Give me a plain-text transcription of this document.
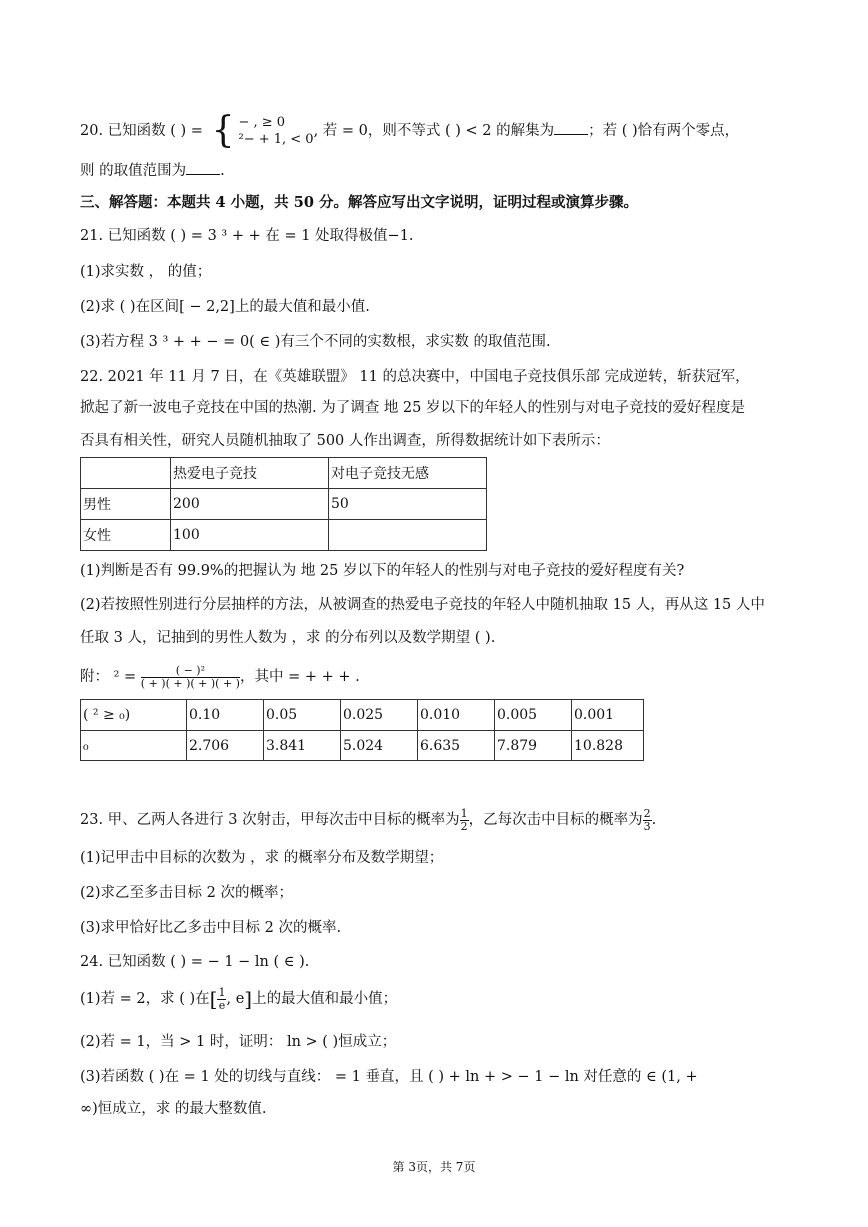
20. 已知函数 ( ) = { − , ≥ 0
²− + 1, < 0
, 若 = 0，则不等式 ( ) < 2 的解集为 ；若 ( )恰有两个零点，
则 的取值范围为 .
三、解答题：本题共 4 小题，共 50 分。解答应写出文字说明，证明过程或演算步骤。
21. 已知函数 ( ) = 3 ³ + + 在 = 1 处取得极值−1.
(1)求实数 ， 的值；
(2)求 ( )在区间[ − 2,2]上的最大值和最小值.
(3)若方程 3 ³ + + − = 0( ∈ )有三个不同的实数根，求实数 的取值范围.
22. 2021 年 11 月 7 日，在《英雄联盟》 11 的总决赛中，中国电子竞技俱乐部 完成逆转，斩获冠军，
掀起了新一波电子竞技在中国的热潮. 为了调查 地 25 岁以下的年轻人的性别与对电子竞技的爱好程度是
否具有相关性，研究人员随机抽取了 500 人作出调查，所得数据统计如下表所示：
	热爱电子竞技	对电子竞技无感
男性	200	50
女性	100	
(1)判断是否有 99.9%的把握认为 地 25 岁以下的年轻人的性别与对电子竞技的爱好程度有关?
(2)若按照性别进行分层抽样的方法，从被调查的热爱电子竞技的年轻人中随机抽取 15 人，再从这 15 人中
任取 3 人，记抽到的男性人数为 ，求 的分布列以及数学期望 ( ).
附： $^2 = \frac{\text{( − )²}}{( + )( + )( + )( + )}$ ，其中 = + + + .
( ² ≥ ₀)	0.10	0.05	0.025	0.010	0.005	0.001
₀	2.706	3.841	5.024	6.635	7.879	10.828
23. 甲、乙两人各进行 3 次射击，甲每次击中目标的概率为 $\frac{1}{2}$ ，乙每次击中目标的概率为 $\frac{2}{3}$ .
(1)记甲击中目标的次数为 ，求 的概率分布及数学期望；
(2)求乙至多击目标 2 次的概率；
(3)求甲恰好比乙多击中目标 2 次的概率.
24. 已知函数 ( ) = − 1 − ln ( ∈ ).
(1)若 = 2，求 ( )在[ $\frac{1}{e}$ , e]上的最大值和最小值；
(2)若 = 1，当 > 1 时，证明： ln > ( )恒成立；
(3)若函数 ( )在 = 1 处的切线与直线： = 1 垂直，且 ( ) + ln + > − 1 − ln 对任意的 ∈ (1, +
∞)恒成立，求 的最大整数值.
第 3页，共 7页
